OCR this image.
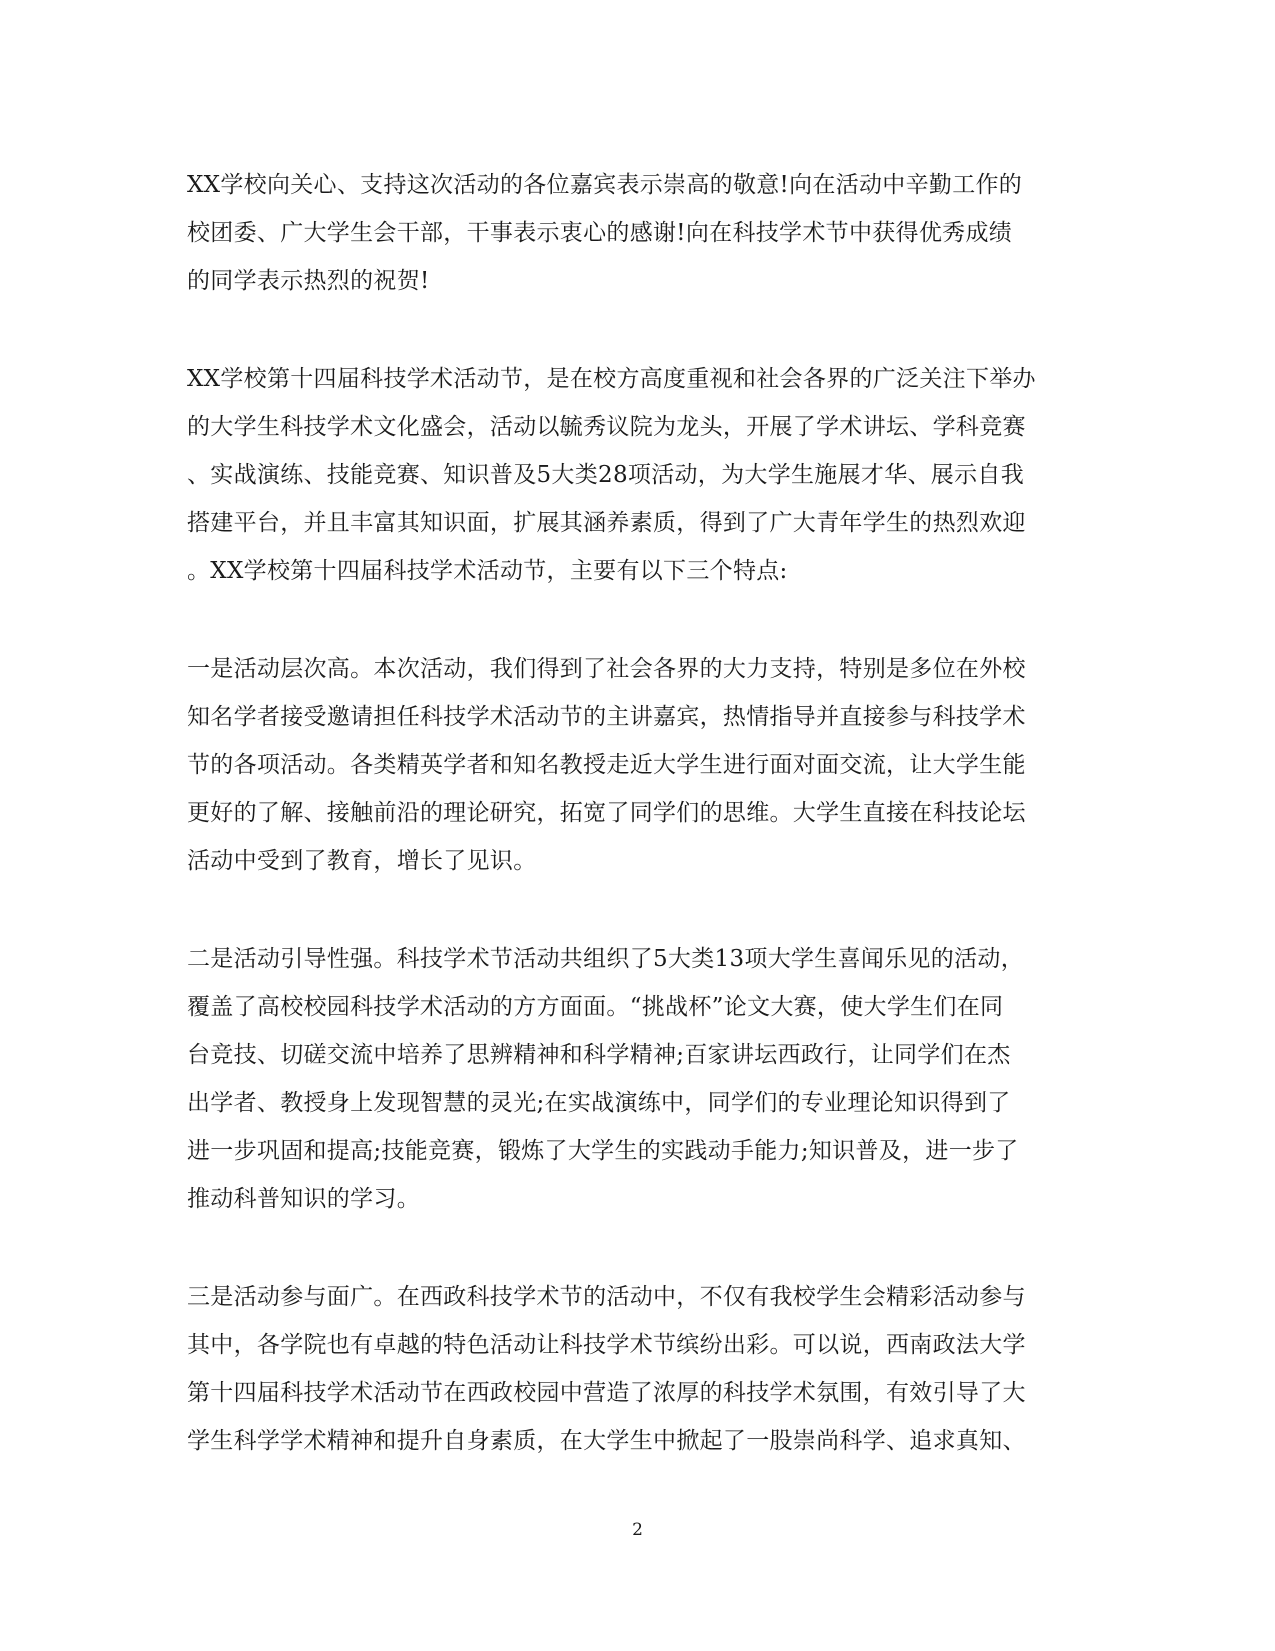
XX学校向关心、支持这次活动的各位嘉宾表示崇高的敬意!向在活动中辛勤工作的
校团委、广大学生会干部，干事表示衷心的感谢!向在科技学术节中获得优秀成绩
的同学表示热烈的祝贺!

XX学校第十四届科技学术活动节，是在校方高度重视和社会各界的广泛关注下举办
的大学生科技学术文化盛会，活动以毓秀议院为龙头，开展了学术讲坛、学科竞赛
、实战演练、技能竞赛、知识普及5大类28项活动，为大学生施展才华、展示自我
搭建平台，并且丰富其知识面，扩展其涵养素质，得到了广大青年学生的热烈欢迎
。XX学校第十四届科技学术活动节，主要有以下三个特点:

一是活动层次高。本次活动，我们得到了社会各界的大力支持，特别是多位在外校
知名学者接受邀请担任科技学术活动节的主讲嘉宾，热情指导并直接参与科技学术
节的各项活动。各类精英学者和知名教授走近大学生进行面对面交流，让大学生能
更好的了解、接触前沿的理论研究，拓宽了同学们的思维。大学生直接在科技论坛
活动中受到了教育，增长了见识。

二是活动引导性强。科技学术节活动共组织了5大类13项大学生喜闻乐见的活动，
覆盖了高校校园科技学术活动的方方面面。“挑战杯”论文大赛，使大学生们在同
台竞技、切磋交流中培养了思辨精神和科学精神;百家讲坛西政行，让同学们在杰
出学者、教授身上发现智慧的灵光;在实战演练中，同学们的专业理论知识得到了
进一步巩固和提高;技能竞赛，锻炼了大学生的实践动手能力;知识普及，进一步了
推动科普知识的学习。

三是活动参与面广。在西政科技学术节的活动中，不仅有我校学生会精彩活动参与
其中，各学院也有卓越的特色活动让科技学术节缤纷出彩。可以说，西南政法大学
第十四届科技学术活动节在西政校园中营造了浓厚的科技学术氛围，有效引导了大
学生科学学术精神和提升自身素质，在大学生中掀起了一股崇尚科学、追求真知、

2
